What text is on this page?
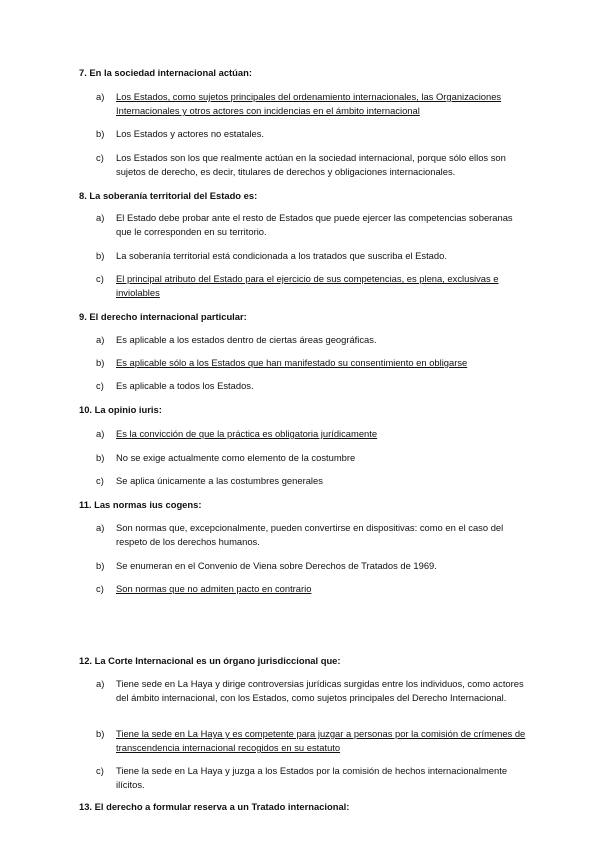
7. En la sociedad internacional actúan:

a)	Los Estados, como sujetos principales del ordenamiento internacionales, las Organizaciones Internacionales y otros actores con incidencias en el ámbito internacional
b)	Los Estados y actores no estatales.
c)	Los Estados son los que realmente actúan en la sociedad internacional, porque sólo ellos son sujetos de derecho, es decir, titulares de derechos y obligaciones internacionales.

8. La soberanía territorial del Estado es:

a)	El Estado debe probar ante el resto de Estados que puede ejercer las competencias soberanas que le corresponden en su territorio.
b)	La soberanía territorial está condicionada a los tratados que suscriba el Estado.
c)	El principal atributo del Estado para el ejercicio de sus competencias, es plena, exclusivas e inviolables

9. El derecho internacional particular:

a)	Es aplicable a los estados dentro de ciertas áreas geográficas.
b)	Es aplicable sólo a los Estados que han manifestado su consentimiento en obligarse
c)	Es aplicable a todos los Estados.

10. La opinio iuris:

a)	Es la convicción de que la práctica es obligatoria jurídicamente
b)	No se exige actualmente como elemento de la costumbre
c)	Se aplica únicamente a las costumbres generales

11. Las normas ius cogens:

a)	Son normas que, excepcionalmente, pueden convertirse en dispositivas: como en el caso del respeto de los derechos humanos.
b)	Se enumeran en el Convenio de Viena sobre Derechos de Tratados de 1969.
c)	Son normas que no admiten pacto en contrario

12. La Corte Internacional es un órgano jurisdiccional que:

a)	Tiene sede en La Haya y dirige controversias jurídicas surgidas entre los individuos, como actores del ámbito internacional, con los Estados, como sujetos principales del Derecho Internacional.
b)	Tiene la sede en La Haya y es competente para juzgar a personas por la comisión de crímenes de transcendencia internacional recogidos en su estatuto
c)	Tiene la sede en La Haya y juzga a los Estados por la comisión de hechos internacionalmente ilícitos.

13. El derecho a formular reserva a un Tratado internacional:
